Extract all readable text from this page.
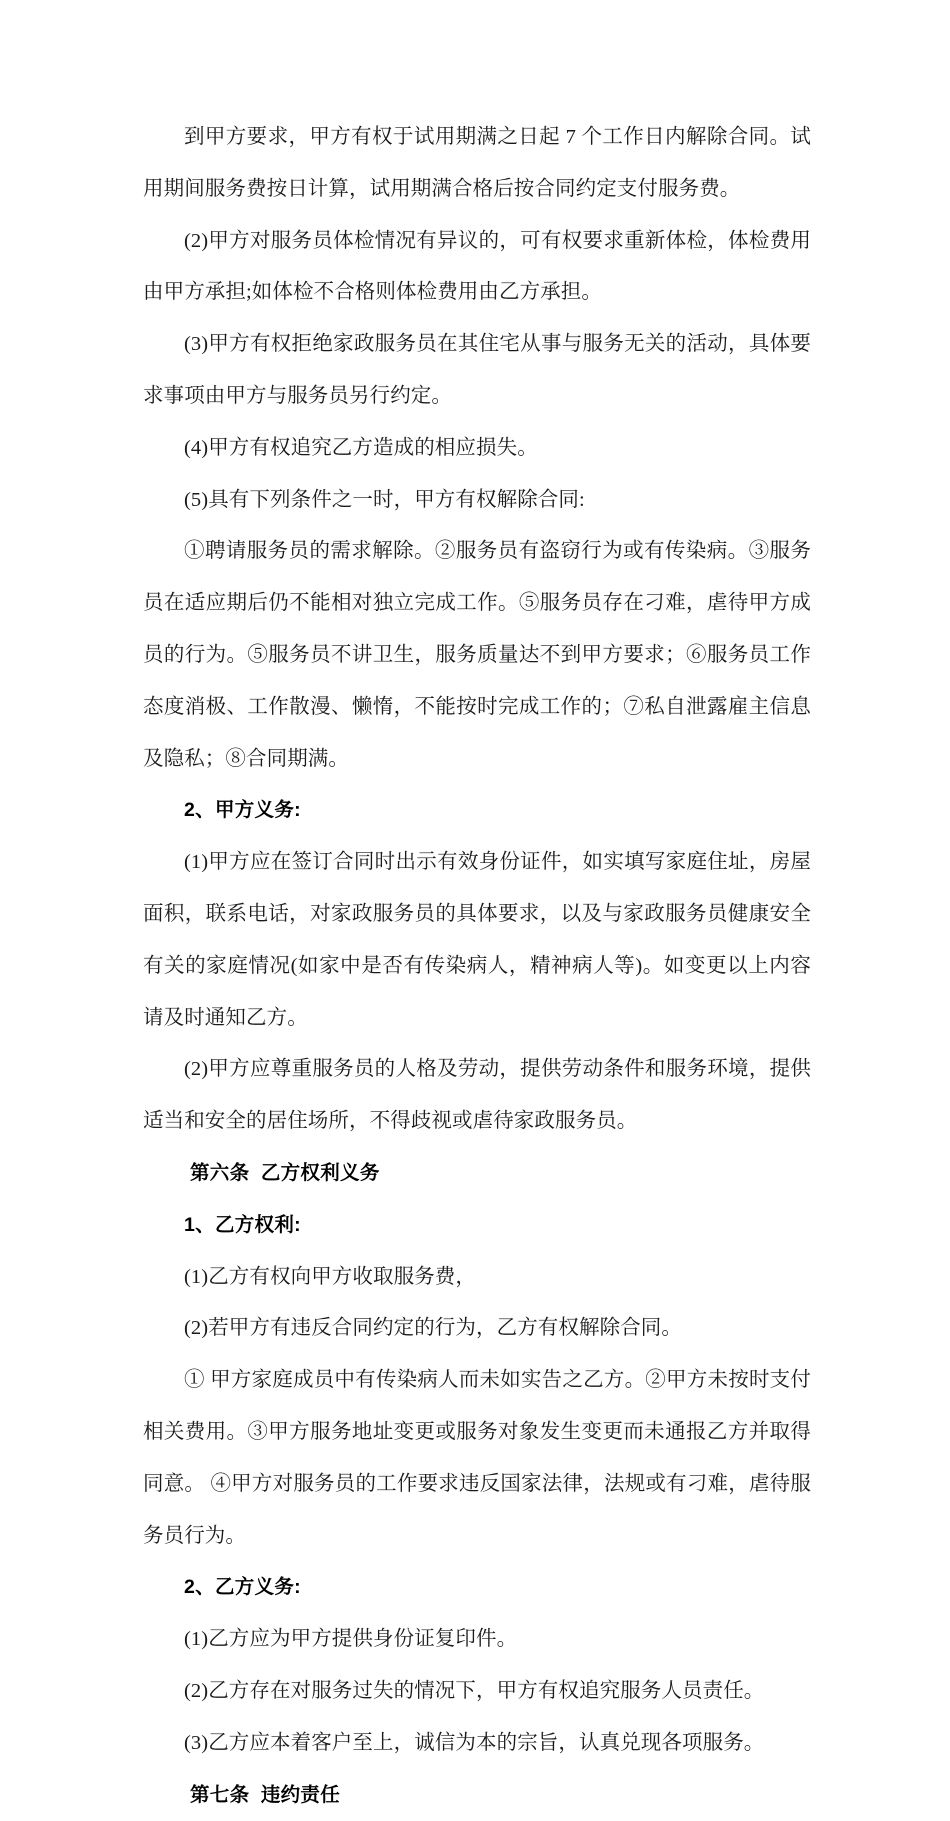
到甲方要求，甲方有权于试用期满之日起 7 个工作日内解除合同。试用期间服务费按日计算，试用期满合格后按合同约定支付服务费。

(2)甲方对服务员体检情况有异议的，可有权要求重新体检，体检费用由甲方承担;如体检不合格则体检费用由乙方承担。

(3)甲方有权拒绝家政服务员在其住宅从事与服务无关的活动，具体要求事项由甲方与服务员另行约定。

(4)甲方有权追究乙方造成的相应损失。

(5)具有下列条件之一时，甲方有权解除合同:

①聘请服务员的需求解除。②服务员有盗窃行为或有传染病。③服务员在适应期后仍不能相对独立完成工作。⑤服务员存在刁难，虐待甲方成员的行为。⑤服务员不讲卫生，服务质量达不到甲方要求；⑥服务员工作态度消极、工作散漫、懒惰，不能按时完成工作的；⑦私自泄露雇主信息及隐私；⑧合同期满。

2、甲方义务:

(1)甲方应在签订合同时出示有效身份证件，如实填写家庭住址，房屋面积，联系电话，对家政服务员的具体要求，以及与家政服务员健康安全有关的家庭情况(如家中是否有传染病人，精神病人等)。如变更以上内容请及时通知乙方。

(2)甲方应尊重服务员的人格及劳动，提供劳动条件和服务环境，提供适当和安全的居住场所，不得歧视或虐待家政服务员。

第六条  乙方权利义务

1、乙方权利:

(1)乙方有权向甲方收取服务费，

(2)若甲方有违反合同约定的行为，乙方有权解除合同。

① 甲方家庭成员中有传染病人而未如实告之乙方。②甲方未按时支付相关费用。③甲方服务地址变更或服务对象发生变更而未通报乙方并取得同意。 ④甲方对服务员的工作要求违反国家法律，法规或有刁难，虐待服务员行为。

2、乙方义务:

(1)乙方应为甲方提供身份证复印件。

(2)乙方存在对服务过失的情况下，甲方有权追究服务人员责任。

(3)乙方应本着客户至上，诚信为本的宗旨，认真兑现各项服务。

第七条  违约责任
